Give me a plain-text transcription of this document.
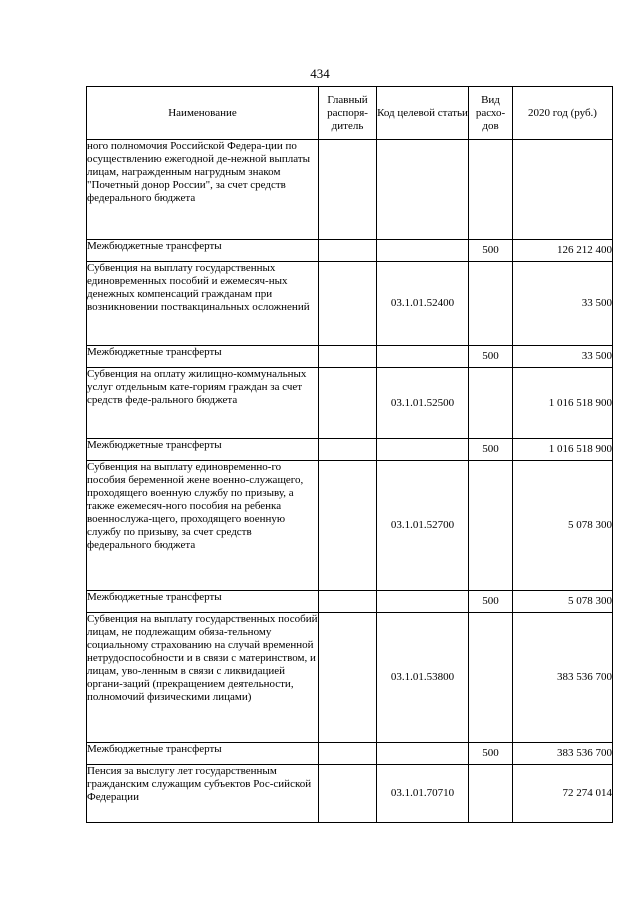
434
Наименование	Главный распоря-дитель	Код целевой статьи	Вид расхо-дов	2020 год (руб.)
ного полномочия Российской Федера-ции по осуществлению ежегодной де-нежной выплаты лицам, награжденным нагрудным знаком "Почетный донор России", за счет средств федерального бюджета				
Межбюджетные трансферты			500	126 212 400
Субвенция на выплату государственных единовременных пособий и ежемесяч-ных денежных компенсаций гражданам при возникновении поствакцинальных осложнений		03.1.01.52400		33 500
Межбюджетные трансферты			500	33 500
Субвенция на оплату жилищно-коммунальных услуг отдельным кате-гориям граждан за счет средств феде-рального бюджета		03.1.01.52500		1 016 518 900
Межбюджетные трансферты			500	1 016 518 900
Субвенция на выплату единовременно-го пособия беременной жене военно-служащего, проходящего военную службу по призыву, а также ежемесяч-ного пособия на ребенка военнослужа-щего, проходящего военную службу по призыву, за счет средств федерального бюджета		03.1.01.52700		5 078 300
Межбюджетные трансферты			500	5 078 300
Субвенция на выплату государственных пособий лицам, не подлежащим обяза-тельному социальному страхованию на случай временной нетрудоспособности и в связи с материнством, и лицам, уво-ленным в связи с ликвидацией органи-заций (прекращением деятельности, полномочий физическими лицами)		03.1.01.53800		383 536 700
Межбюджетные трансферты			500	383 536 700
Пенсия за выслугу лет государственным гражданским служащим субъектов Рос-сийской Федерации		03.1.01.70710		72 274 014
